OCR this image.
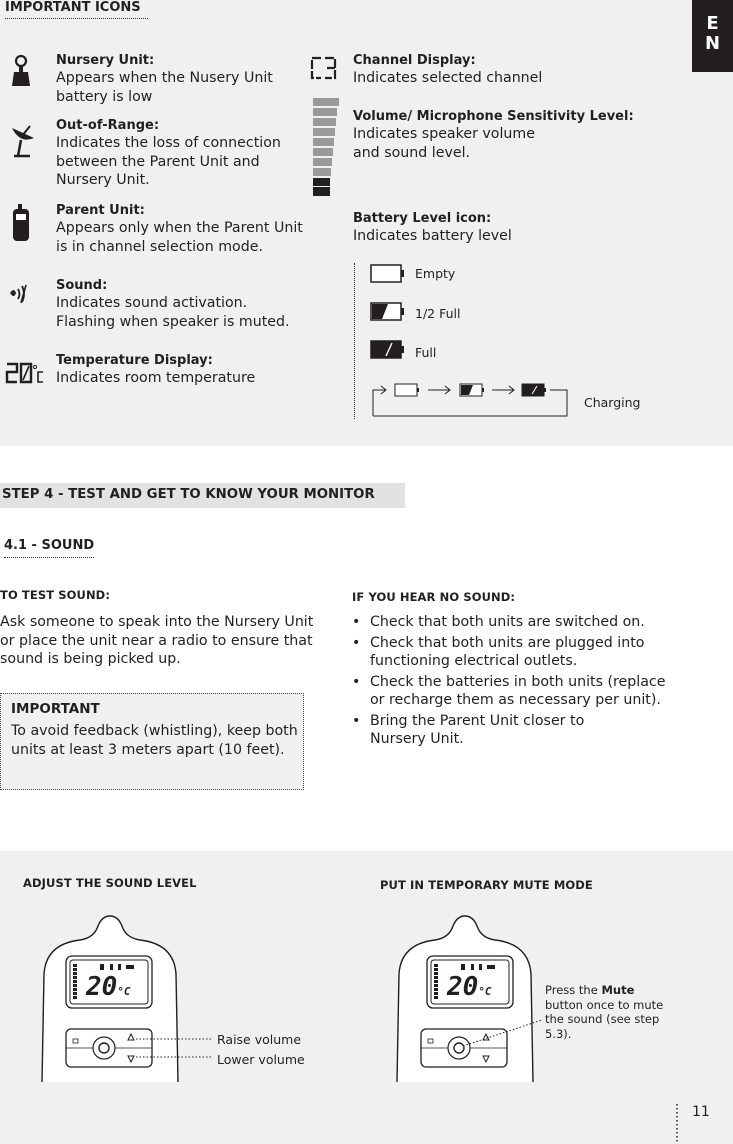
IMPORTANT ICONS
E
N
Nursery Unit:
Appears when the Nusery Unit battery is low
Out-of-Range:
Indicates the loss of connection between the Parent Unit and Nursery Unit.
Parent Unit:
Appears only when the Parent Unit is in channel selection mode.
Sound:
Indicates sound activation. Flashing when speaker is muted.
Temperature Display:
Indicates room temperature
Channel Display:
Indicates selected channel
Volume/ Microphone Sensitivity Level:
Indicates speaker volume and sound level.
Battery Level icon:
Indicates battery level
Empty
1/2 Full
Full
Charging
STEP 4 - TEST AND GET TO KNOW YOUR MONITOR
4.1 - SOUND
TO TEST SOUND:
Ask someone to speak into the Nursery Unit or place the unit near a radio to ensure that sound is being picked up.
IMPORTANT
To avoid feedback (whistling), keep both units at least 3 meters apart (10 feet).
IF YOU HEAR NO SOUND:
• Check that both units are switched on.
• Check that both units are plugged into functioning electrical outlets.
• Check the batteries in both units (replace or recharge them as necessary per unit).
• Bring the Parent Unit closer to Nursery Unit.
ADJUST THE SOUND LEVEL	PUT IN TEMPORARY MUTE MODE
20°C	20°C
Raise volume
Lower volume
Press the Mute button once to mute the sound (see step 5.3).
11
